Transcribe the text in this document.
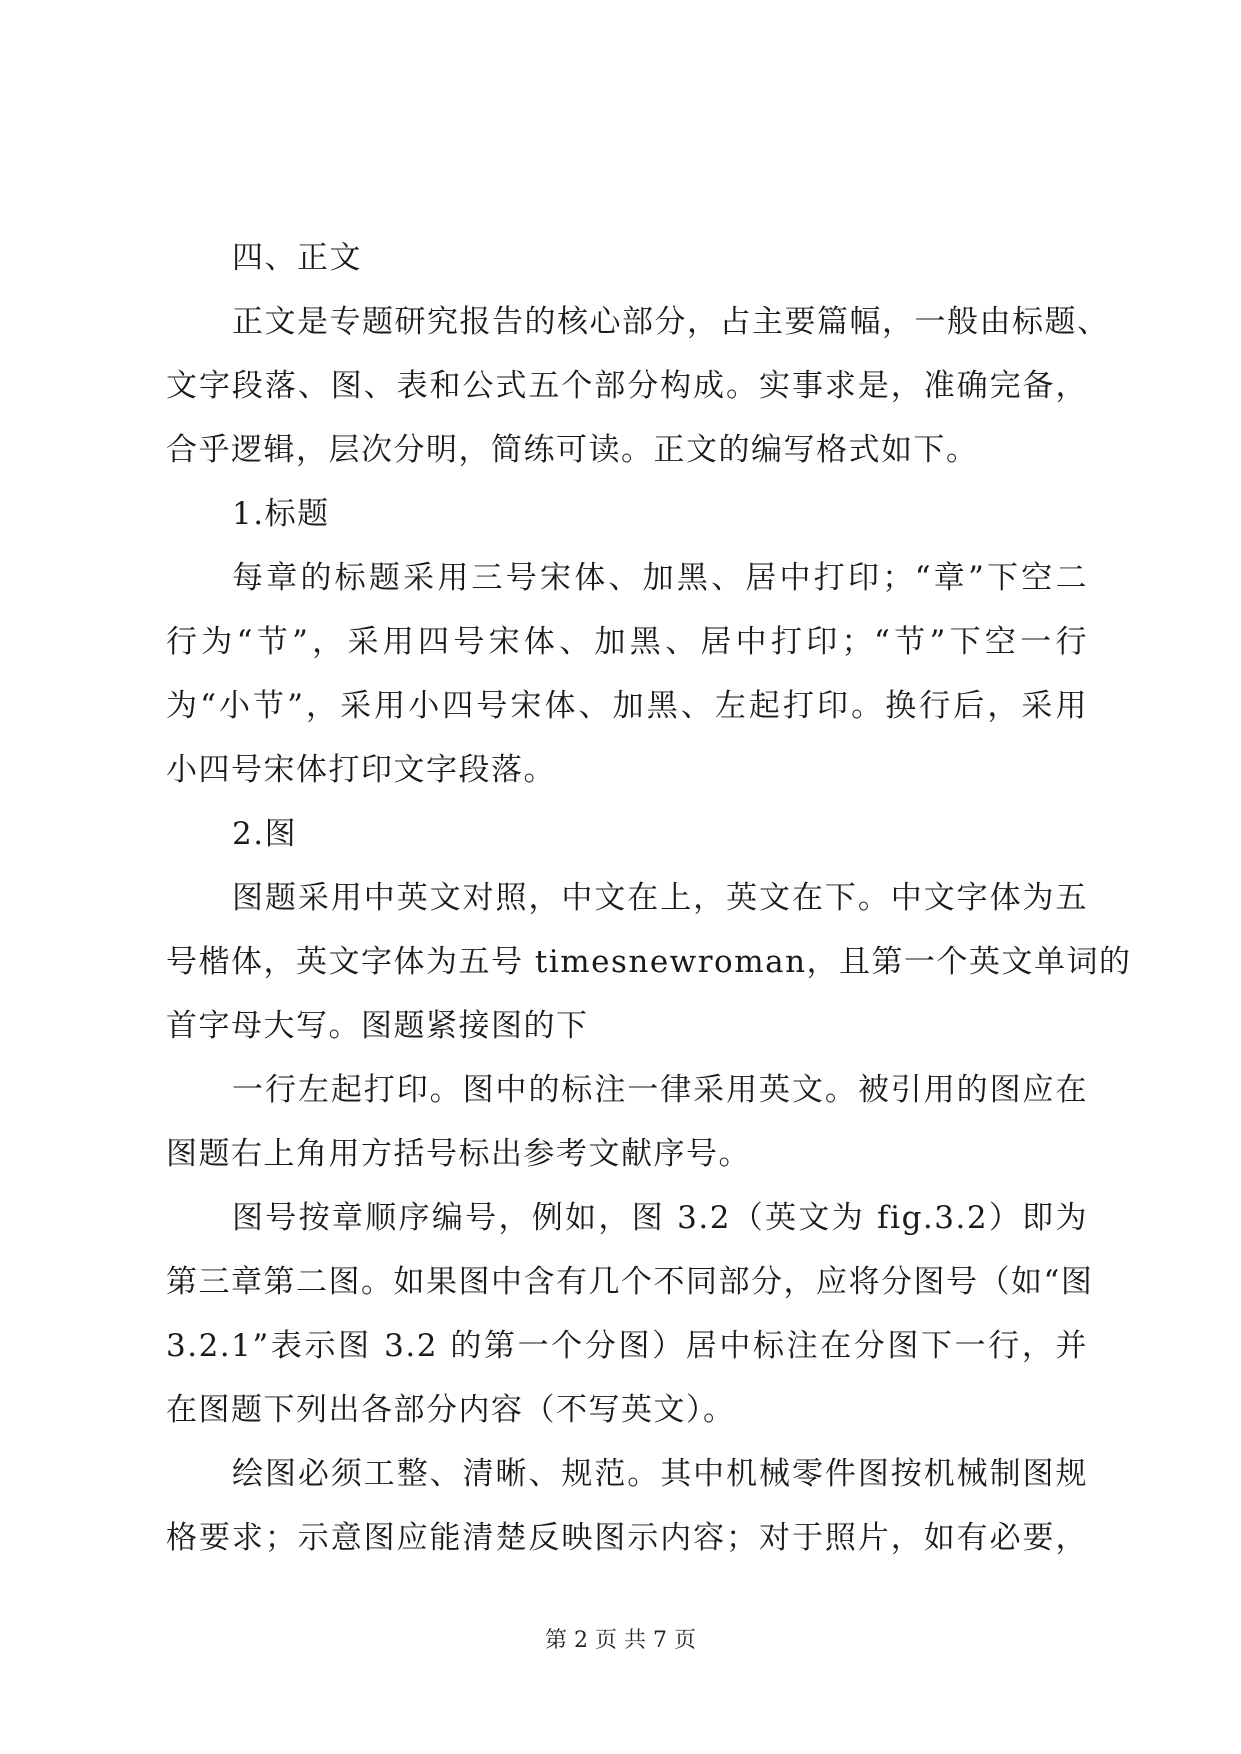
四、正文
正文是专题研究报告的核心部分，占主要篇幅，一般由标题、
文字段落、图、表和公式五个部分构成。实事求是，准确完备，
合乎逻辑，层次分明，简练可读。正文的编写格式如下。
1.标题
每章的标题采用三号宋体、加黑、居中打印；“章”下空二
行为“节”，采用四号宋体、加黑、居中打印；“节”下空一行
为“小节”，采用小四号宋体、加黑、左起打印。换行后，采用
小四号宋体打印文字段落。
2.图
图题采用中英文对照，中文在上，英文在下。中文字体为五
号楷体，英文字体为五号 timesnewroman，且第一个英文单词的
首字母大写。图题紧接图的下
一行左起打印。图中的标注一律采用英文。被引用的图应在
图题右上角用方括号标出参考文献序号。
图号按章顺序编号，例如，图 3.2（英文为 fig.3.2）即为
第三章第二图。如果图中含有几个不同部分，应将分图号（如“图
3.2.1”表示图 3.2 的第一个分图）居中标注在分图下一行，并
在图题下列出各部分内容（不写英文）。
绘图必须工整、清晰、规范。其中机械零件图按机械制图规
格要求；示意图应能清楚反映图示内容；对于照片，如有必要，
第 2 页 共 7 页
